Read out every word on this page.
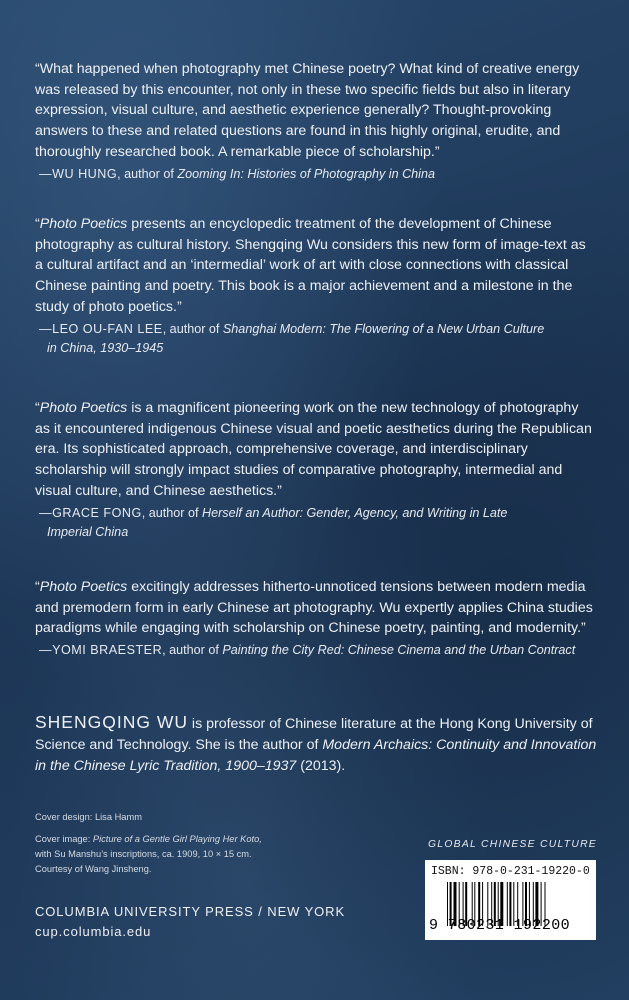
“What happened when photography met Chinese poetry? What kind of creative energy was released by this encounter, not only in these two specific fields but also in literary expression, visual culture, and aesthetic experience generally? Thought-provoking answers to these and related questions are found in this highly original, erudite, and thoroughly researched book. A remarkable piece of scholarship.”

—WU HUNG, author of Zooming In: Histories of Photography in China

“Photo Poetics presents an encyclopedic treatment of the development of Chinese photography as cultural history. Shengqing Wu considers this new form of image-text as a cultural artifact and an ‘intermedial’ work of art with close connections with classical Chinese painting and poetry. This book is a major achievement and a milestone in the study of photo poetics.”

—LEO OU-FAN LEE, author of Shanghai Modern: The Flowering of a New Urban Culture
in China, 1930–1945

“Photo Poetics is a magnificent pioneering work on the new technology of photography as it encountered indigenous Chinese visual and poetic aesthetics during the Republican era. Its sophisticated approach, comprehensive coverage, and interdisciplinary scholarship will strongly impact studies of comparative photography, intermedial and visual culture, and Chinese aesthetics.”

—GRACE FONG, author of Herself an Author: Gender, Agency, and Writing in Late
Imperial China

“Photo Poetics excitingly addresses hitherto-unnoticed tensions between modern media and premodern form in early Chinese art photography. Wu expertly applies China studies paradigms while engaging with scholarship on Chinese poetry, painting, and modernity.”

—YOMI BRAESTER, author of Painting the City Red: Chinese Cinema and the Urban Contract

SHENGQING WU is professor of Chinese literature at the Hong Kong University of Science and Technology. She is the author of Modern Archaics: Continuity and Innovation in the Chinese Lyric Tradition, 1900–1937 (2013).

Cover design: Lisa Hamm
Cover image: Picture of a Gentle Girl Playing Her Koto,
with Su Manshu’s inscriptions, ca. 1909, 10 × 15 cm.
Courtesy of Wang Jinsheng.
GLOBAL CHINESE CULTURE
COLUMBIA UNIVERSITY PRESS / NEW YORK
cup.columbia.edu
ISBN: 978-0-231-19220-0
9 780231 192200
